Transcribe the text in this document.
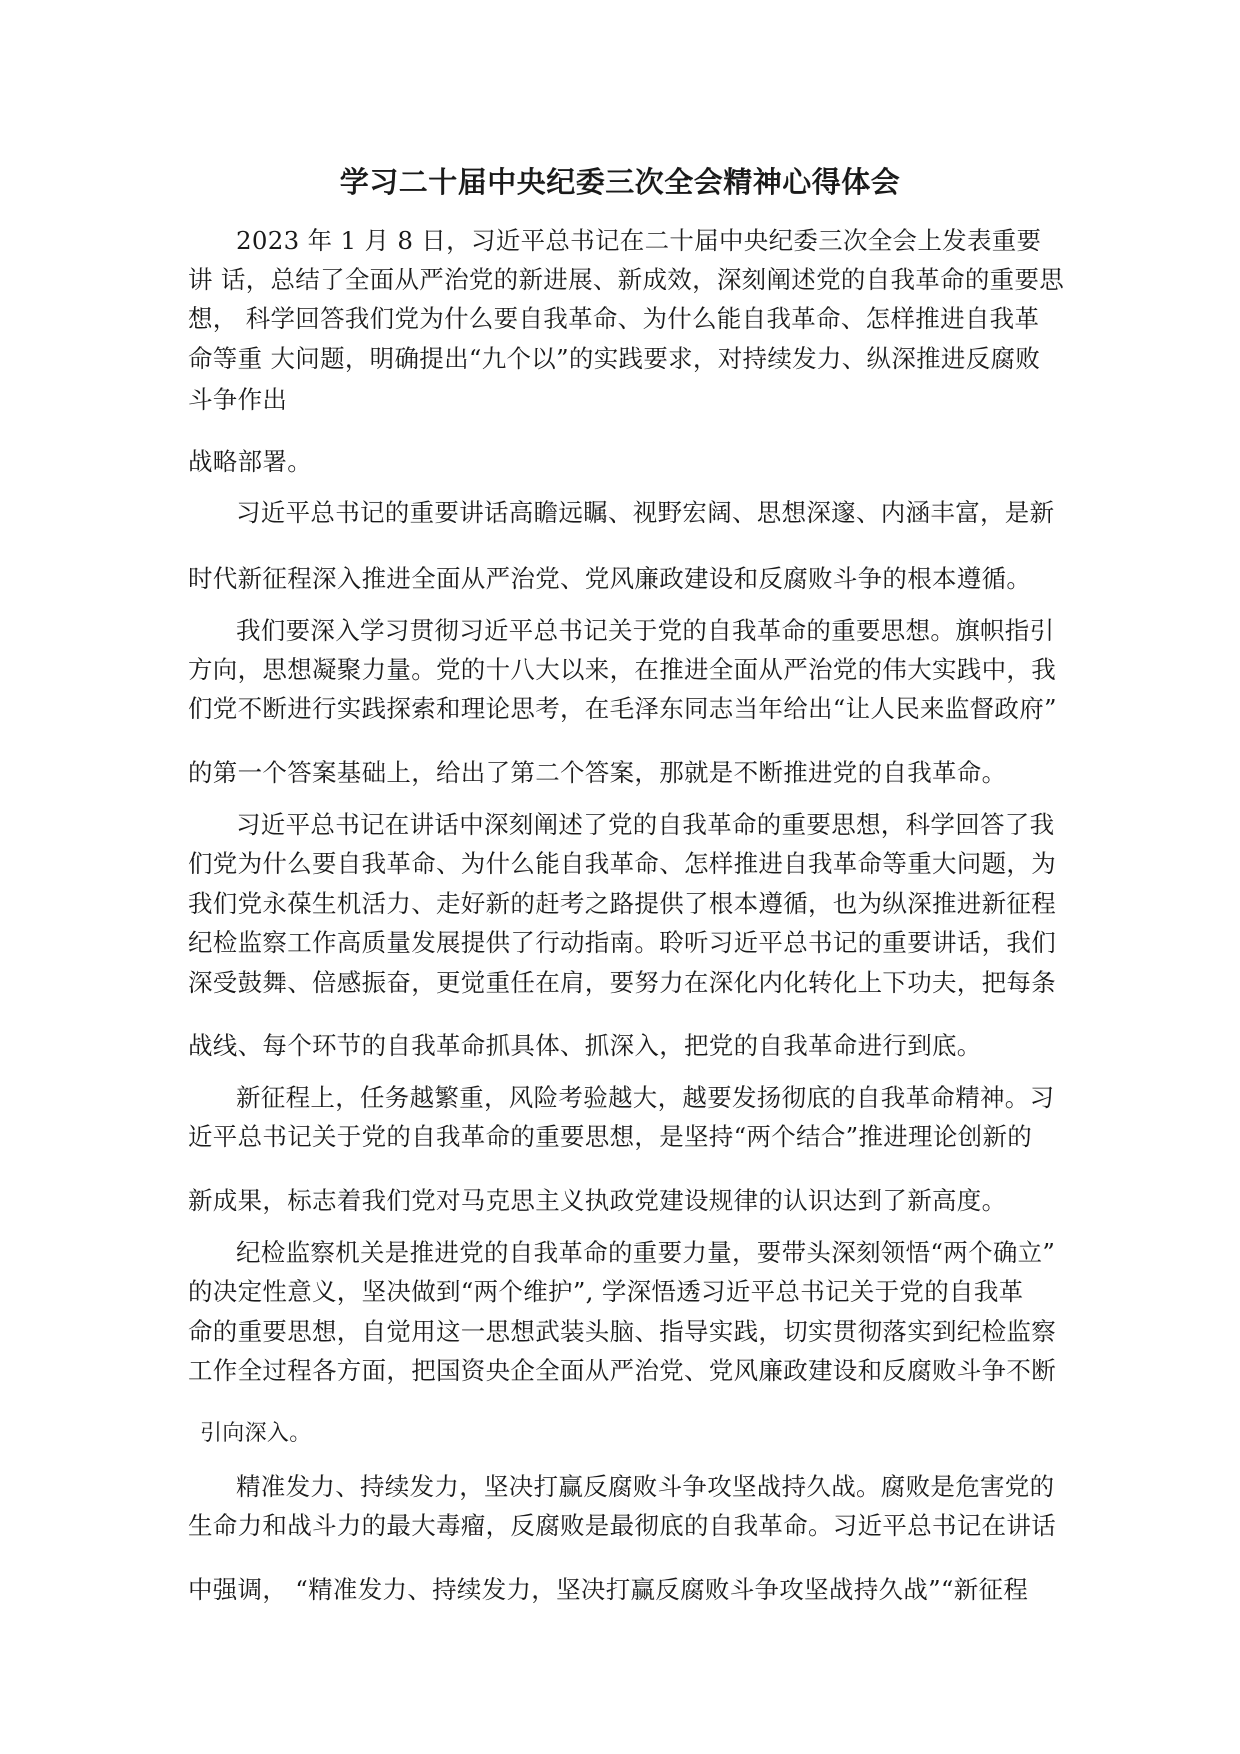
学习二十届中央纪委三次全会精神心得体会
2023 年 1 月 8 日，习近平总书记在二十届中央纪委三次全会上发表重要
讲 话，总结了全面从严治党的新进展、新成效，深刻阐述党的自我革命的重要思
想， 科学回答我们党为什么要自我革命、为什么能自我革命、怎样推进自我革
命等重 大问题，明确提出“九个以”的实践要求，对持续发力、纵深推进反腐败
斗争作出
战略部署。
习近平总书记的重要讲话高瞻远瞩、视野宏阔、思想深邃、内涵丰富，是新
时代新征程深入推进全面从严治党、党风廉政建设和反腐败斗争的根本遵循。
我们要深入学习贯彻习近平总书记关于党的自我革命的重要思想。旗帜指引
方向，思想凝聚力量。党的十八大以来，在推进全面从严治党的伟大实践中，我
们党不断进行实践探索和理论思考，在毛泽东同志当年给出“让人民来监督政府”
的第一个答案基础上，给出了第二个答案，那就是不断推进党的自我革命。
习近平总书记在讲话中深刻阐述了党的自我革命的重要思想，科学回答了我
们党为什么要自我革命、为什么能自我革命、怎样推进自我革命等重大问题，为
我们党永葆生机活力、走好新的赶考之路提供了根本遵循，也为纵深推进新征程
纪检监察工作高质量发展提供了行动指南。聆听习近平总书记的重要讲话，我们
深受鼓舞、倍感振奋，更觉重任在肩，要努力在深化内化转化上下功夫，把每条
战线、每个环节的自我革命抓具体、抓深入，把党的自我革命进行到底。
新征程上，任务越繁重，风险考验越大，越要发扬彻底的自我革命精神。习
近平总书记关于党的自我革命的重要思想，是坚持“两个结合”推进理论创新的
新成果，标志着我们党对马克思主义执政党建设规律的认识达到了新高度。
纪检监察机关是推进党的自我革命的重要力量，要带头深刻领悟“两个确立”
的决定性意义，坚决做到“两个维护”, 学深悟透习近平总书记关于党的自我革
命的重要思想，自觉用这一思想武装头脑、指导实践，切实贯彻落实到纪检监察
工作全过程各方面，把国资央企全面从严治党、党风廉政建设和反腐败斗争不断
引向深入。
精准发力、持续发力，坚决打赢反腐败斗争攻坚战持久战。腐败是危害党的
生命力和战斗力的最大毒瘤，反腐败是最彻底的自我革命。习近平总书记在讲话
中强调， “精准发力、持续发力，坚决打赢反腐败斗争攻坚战持久战”“新征程
